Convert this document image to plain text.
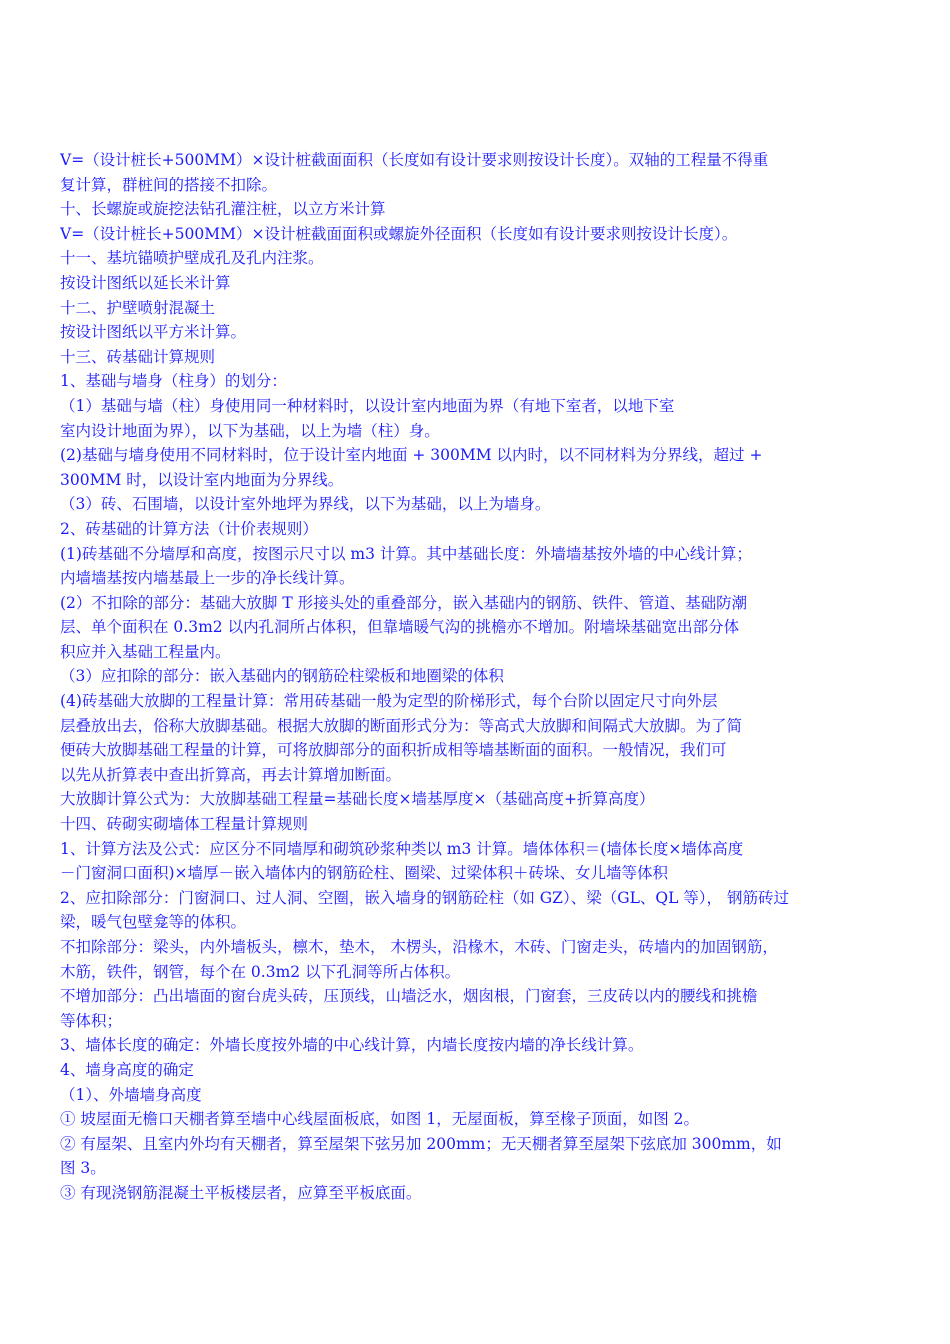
V=（设计桩长+500MM）×设计桩截面面积（长度如有设计要求则按设计长度）。双轴的工程量不得重
复计算，群桩间的搭接不扣除。
十、长螺旋或旋挖法钻孔灌注桩，以立方米计算
V=（设计桩长+500MM）×设计桩截面面积或螺旋外径面积（长度如有设计要求则按设计长度）。
十一、基坑锚喷护壁成孔及孔内注浆。
按设计图纸以延长米计算
十二、护壁喷射混凝土
按设计图纸以平方米计算。
十三、砖基础计算规则
1、基础与墙身（柱身）的划分：
（1）基础与墙（柱）身使用同一种材料时，以设计室内地面为界（有地下室者，以地下室
室内设计地面为界），以下为基础，以上为墙（柱）身。
(2)基础与墙身使用不同材料时，位于设计室内地面 + 300MM 以内时，以不同材料为分界线，超过 +
300MM 时，以设计室内地面为分界线。
（3）砖、石围墙，以设计室外地坪为界线，以下为基础，以上为墙身。
2、砖基础的计算方法（计价表规则）
(1)砖基础不分墙厚和高度，按图示尺寸以 m3 计算。其中基础长度：外墙墙基按外墙的中心线计算；
内墙墙基按内墙基最上一步的净长线计算。
(2）不扣除的部分：基础大放脚 T 形接头处的重叠部分，嵌入基础内的钢筋、铁件、管道、基础防潮
层、单个面积在 0.3m2 以内孔洞所占体积，但靠墙暖气沟的挑檐亦不增加。附墙垛基础宽出部分体
积应并入基础工程量内。
（3）应扣除的部分：嵌入基础内的钢筋砼柱梁板和地圈梁的体积
(4)砖基础大放脚的工程量计算：常用砖基础一般为定型的阶梯形式，每个台阶以固定尺寸向外层
层叠放出去，俗称大放脚基础。根据大放脚的断面形式分为：等高式大放脚和间隔式大放脚。为了简
便砖大放脚基础工程量的计算，可将放脚部分的面积折成相等墙基断面的面积。一般情况，我们可
以先从折算表中查出折算高，再去计算增加断面。
大放脚计算公式为：大放脚基础工程量=基础长度×墙基厚度×（基础高度+折算高度）
十四、砖砌实砌墙体工程量计算规则
1、计算方法及公式：应区分不同墙厚和砌筑砂浆种类以 m3 计算。墙体体积＝(墙体长度×墙体高度
－门窗洞口面积)×墙厚－嵌入墙体内的钢筋砼柱、圈梁、过梁体积＋砖垛、女儿墙等体积
2、应扣除部分：门窗洞口、过人洞、空圈，嵌入墙身的钢筋砼柱（如 GZ）、梁（GL、QL 等）， 钢筋砖过
梁，暖气包壁龛等的体积。
不扣除部分：梁头，内外墙板头，檩木，垫木， 木楞头，沿椽木，木砖、门窗走头，砖墙内的加固钢筋，
木筋，铁件，钢管，每个在 0.3m2 以下孔洞等所占体积。
不增加部分：凸出墙面的窗台虎头砖，压顶线，山墙泛水，烟囱根，门窗套，三皮砖以内的腰线和挑檐
等体积；
3、墙体长度的确定：外墙长度按外墙的中心线计算，内墙长度按内墙的净长线计算。
4、墙身高度的确定
（1）、外墙墙身高度
① 坡屋面无檐口天棚者算至墙中心线屋面板底，如图 1，无屋面板，算至椽子顶面，如图 2。
② 有屋架、且室内外均有天棚者，算至屋架下弦另加 200mm；无天棚者算至屋架下弦底加 300mm，如
图 3。
③ 有现浇钢筋混凝土平板楼层者，应算至平板底面。
